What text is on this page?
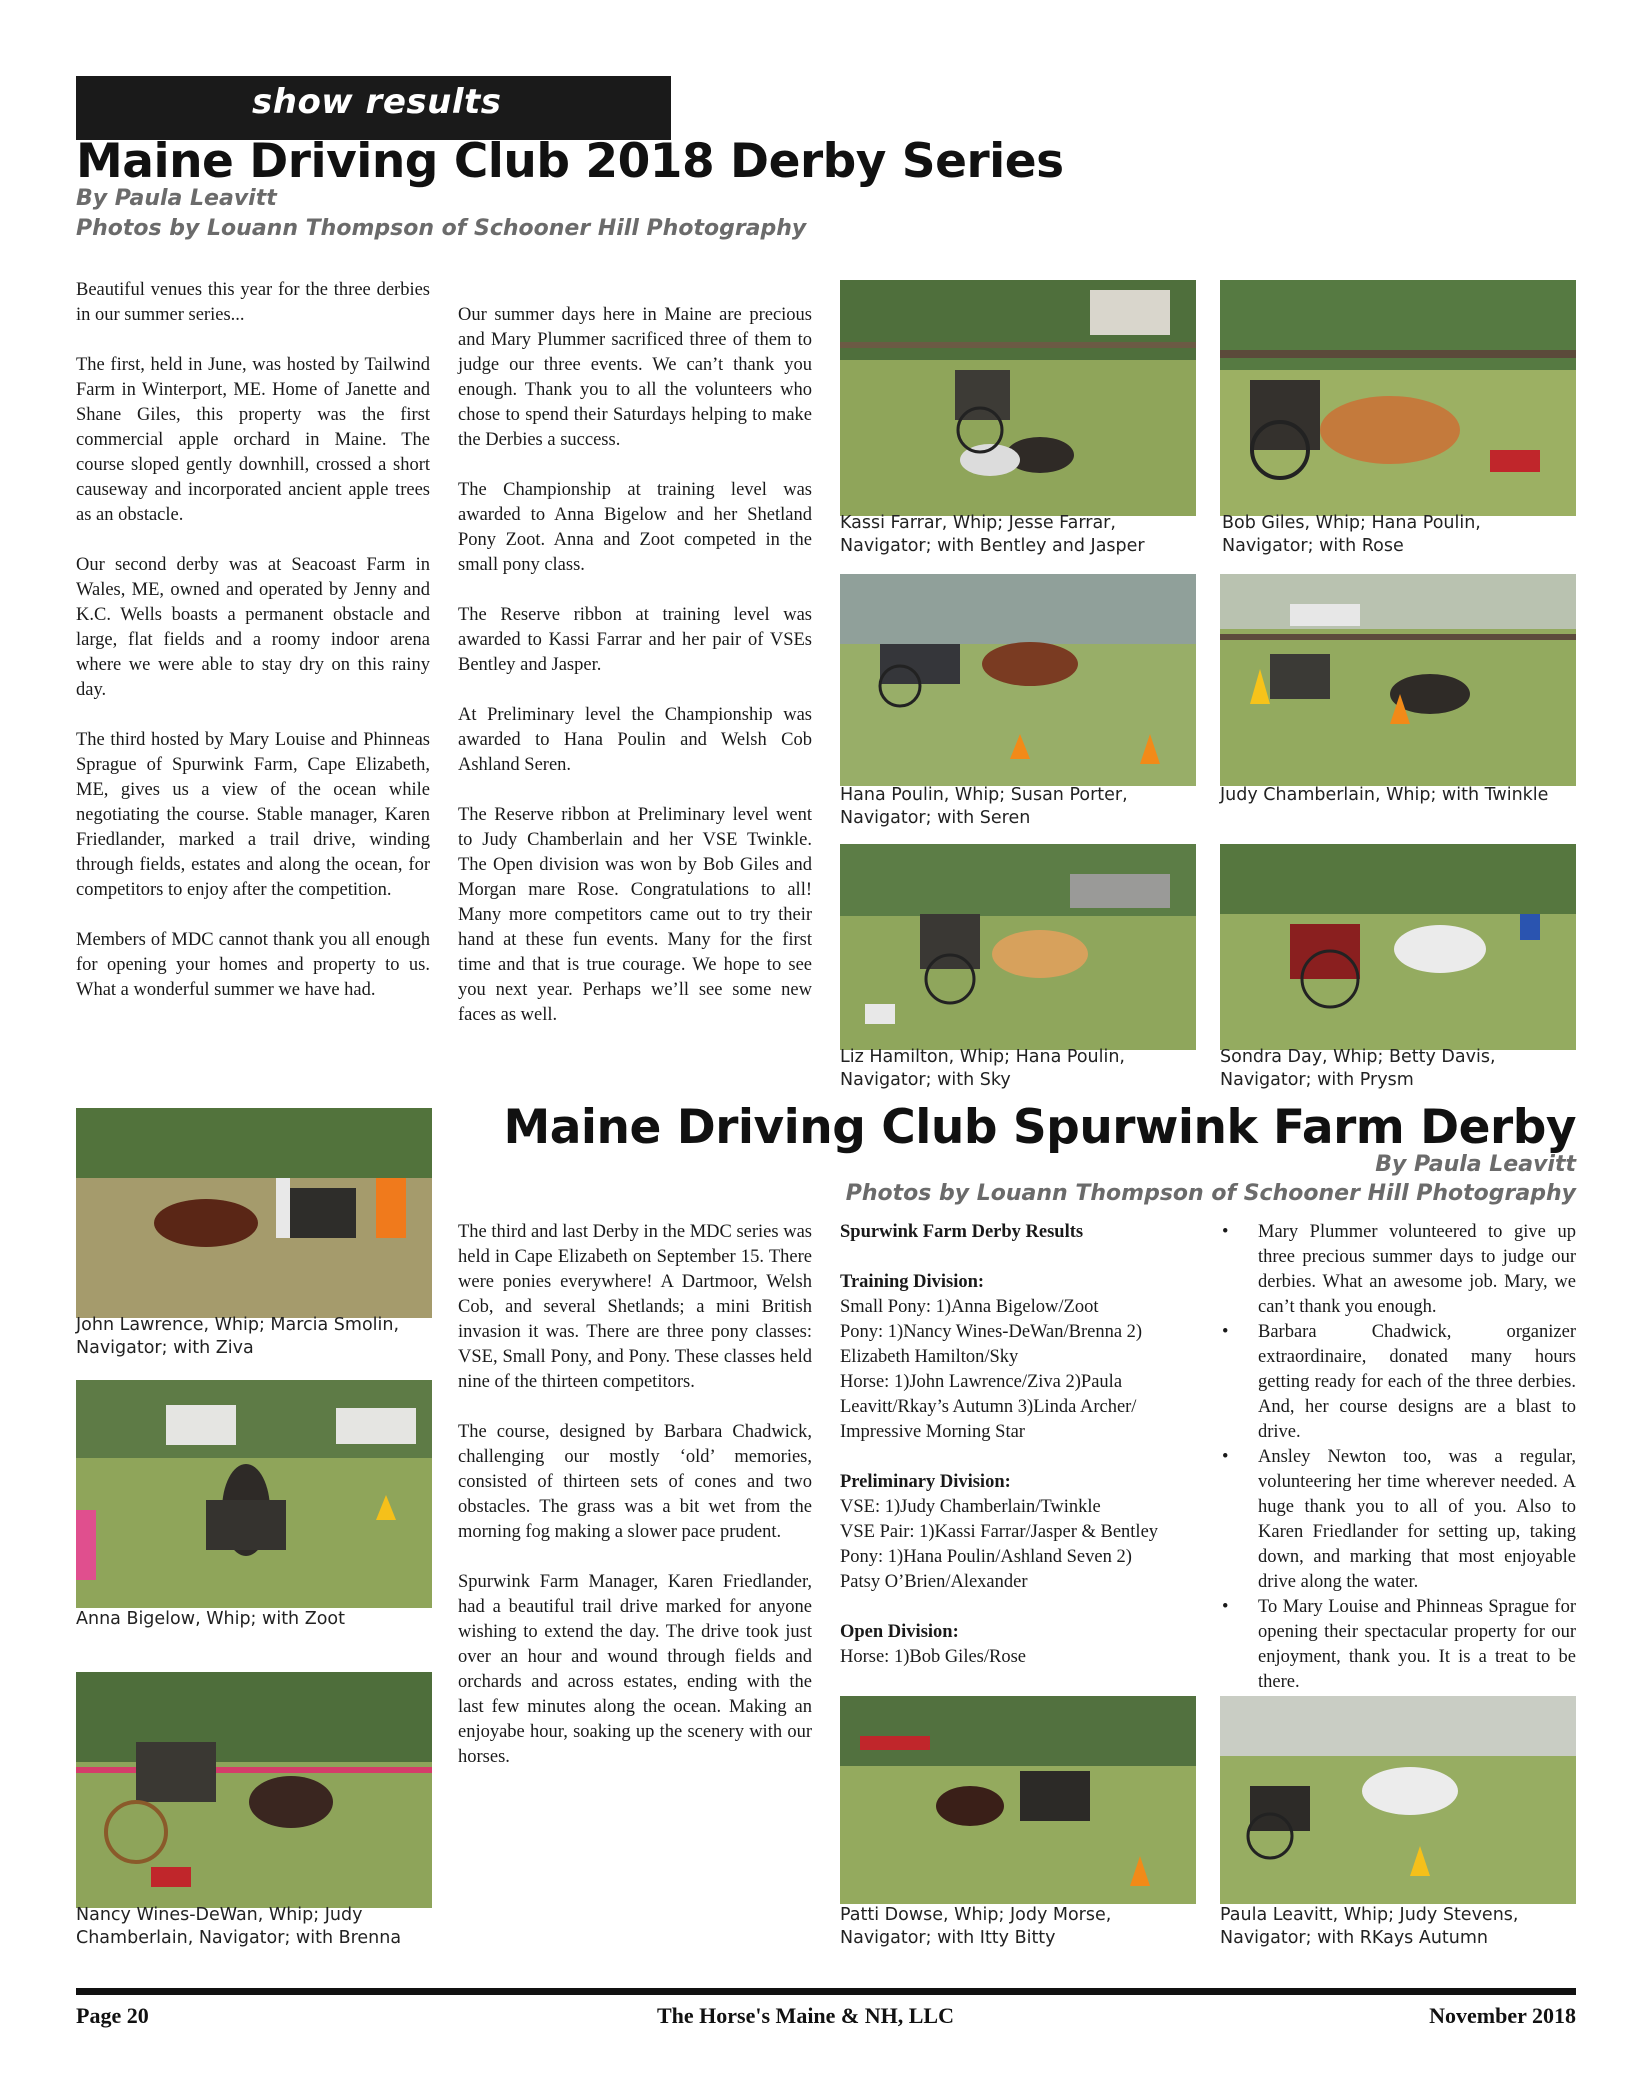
show results
Maine Driving Club 2018 Derby Series
By Paula Leavitt
Photos by Louann Thompson of Schooner Hill Photography

Beautiful venues this year for the three derbies in our summer series...

The first, held in June, was hosted by Tailwind Farm in Winterport, ME. Home of Janette and Shane Giles, this property was the first commercial apple orchard in Maine. The course sloped gently downhill, crossed a short causeway and incorporated ancient apple trees as an obstacle.

Our second derby was at Seacoast Farm in Wales, ME, owned and operated by Jenny and K.C. Wells boasts a permanent obstacle and large, flat fields and a roomy indoor arena where we were able to stay dry on this rainy day.

The third hosted by Mary Louise and Phinneas Sprague of Spurwink Farm, Cape Elizabeth, ME, gives us a view of the ocean while negotiating the course. Stable manager, Karen Friedlander, marked a trail drive, winding through fields, estates and along the ocean, for competitors to enjoy after the competition.

Members of MDC cannot thank you all enough for opening your homes and property to us. What a wonderful summer we have had.

Our summer days here in Maine are precious and Mary Plummer sacrificed three of them to judge our three events. We can’t thank you enough. Thank you to all the volunteers who chose to spend their Saturdays helping to make the Derbies a success.

The Championship at training level was awarded to Anna Bigelow and her Shetland Pony Zoot. Anna and Zoot competed in the small pony class.

The Reserve ribbon at training level was awarded to Kassi Farrar and her pair of VSEs Bentley and Jasper.

At Preliminary level the Championship was awarded to Hana Poulin and Welsh Cob Ashland Seren.

The Reserve ribbon at Preliminary level went to Judy Chamberlain and her VSE Twinkle. The Open division was won by Bob Giles and Morgan mare Rose. Congratulations to all! Many more competitors came out to try their hand at these fun events. Many for the first time and that is true courage. We hope to see you next year. Perhaps we’ll see some new faces as well.

Kassi Farrar, Whip; Jesse Farrar,
Navigator; with Bentley and Jasper
Bob Giles, Whip; Hana Poulin,
Navigator; with Rose
Hana Poulin, Whip; Susan Porter,
Navigator; with Seren
Judy Chamberlain, Whip; with Twinkle
Liz Hamilton, Whip; Hana Poulin,
Navigator; with Sky
Sondra Day, Whip; Betty Davis,
Navigator; with Prysm
Maine Driving Club Spurwink Farm Derby
By Paula Leavitt
Photos by Louann Thompson of Schooner Hill Photography
John Lawrence, Whip; Marcia Smolin,
Navigator; with Ziva
Anna Bigelow, Whip; with Zoot
Nancy Wines-DeWan, Whip; Judy
Chamberlain, Navigator; with Brenna

The third and last Derby in the MDC series was held in Cape Elizabeth on September 15. There were ponies everywhere! A Dartmoor, Welsh Cob, and several Shetlands; a mini British invasion it was. There are three pony classes: VSE, Small Pony, and Pony. These classes held nine of the thirteen competitors.

The course, designed by Barbara Chadwick, challenging our mostly ‘old’ memories, consisted of thirteen sets of cones and two obstacles. The grass was a bit wet from the morning fog making a slower pace prudent.

Spurwink Farm Manager, Karen Friedlander, had a beautiful trail drive marked for anyone wishing to extend the day. The drive took just over an hour and wound through fields and orchards and across estates, ending with the last few minutes along the ocean. Making an enjoyabe hour, soaking up the scenery with our horses.

Spurwink Farm Derby Results
Training Division:
Small Pony: 1)Anna Bigelow/Zoot
Pony: 1)Nancy Wines-DeWan/Brenna 2)
Elizabeth Hamilton/Sky
Horse: 1)John Lawrence/Ziva 2)Paula
Leavitt/Rkay’s Autumn 3)Linda Archer/
Impressive Morning Star
Preliminary Division:
VSE: 1)Judy Chamberlain/Twinkle
VSE Pair: 1)Kassi Farrar/Jasper & Bentley
Pony: 1)Hana Poulin/Ashland Seven 2)
Patsy O’Brien/Alexander
Open Division:
Horse: 1)Bob Giles/Rose
• Mary Plummer volunteered to give up three precious summer days to judge our derbies. What an awesome job. Mary, we can’t thank you enough.
• Barbara Chadwick, organizer extraordinaire, donated many hours getting ready for each of the three derbies. And, her course designs are a blast to drive.
• Ansley Newton too, was a regular, volunteering her time wherever needed. A huge thank you to all of you. Also to Karen Friedlander for setting up, taking down, and marking that most enjoyable drive along the water.
• To Mary Louise and Phinneas Sprague for opening their spectacular property for our enjoyment, thank you. It is a treat to be there.
Patti Dowse, Whip; Jody Morse,
Navigator; with Itty Bitty
Paula Leavitt, Whip; Judy Stevens,
Navigator; with RKays Autumn
Page 20	The Horse's Maine & NH, LLC	November 2018
